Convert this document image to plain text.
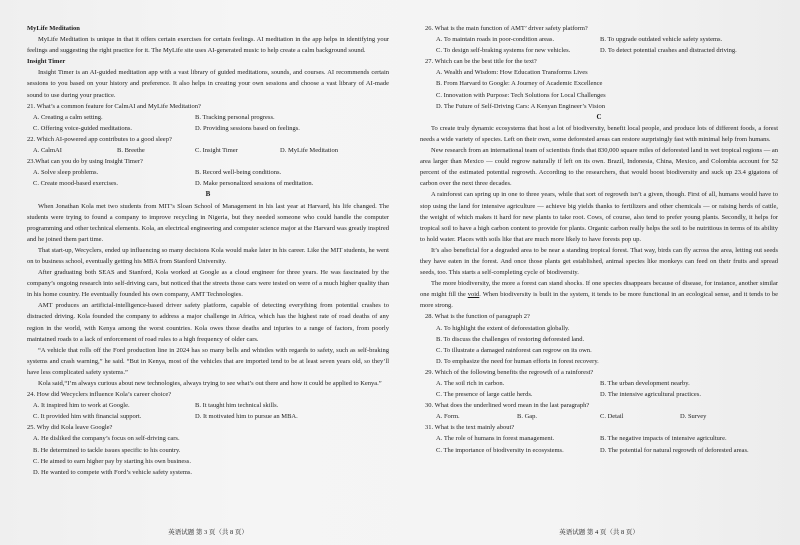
MyLife Meditation

MyLife Meditation is unique in that it offers certain exercises for certain feelings. AI meditation in the app helps in identifying your feelings and suggesting the right practice for it. The MyLife site uses AI-generated music to help create a calm background sound.

Insight Timer

Insight Timer is an AI-guided meditation app with a vast library of guided meditations, sounds, and courses. AI recommends certain sessions to you based on your history and preference. It also helps in creating your own sessions and choose a vast library of AI-made sound to use during your practice.

21. What’s a common feature for CalmAI and MyLife Meditation?

A. Creating a calm setting.	B. Tracking personal progress.
C. Offering voice-guided meditations.	D. Providing sessions based on feelings.

22. Which AI-powered app contributes to a good sleep?

A. CalmAI	B. Breethe	C. Insight Timer	D. MyLife Meditation

23.What can you do by using Insight Timer?

A. Solve sleep problems.	B. Record well-being conditions.
C. Create mood-based exercises.	D. Make personalized sessions of meditation.

B

When Jonathan Kola met two students from MIT’s Sloan School of Management in his last year at Harvard, his life changed. The students were trying to found a company to improve recycling in Nigeria, but they needed someone who could handle the computer programming and other technical elements. Kola, an electrical engineering and computer science major at the Harvard was greatly inspired and he joined them part time.

That start-up, Wecyclers, ended up influencing so many decisions Kola would make later in his career. Like the MIT students, he went on to business school, eventually getting his MBA from Stanford University.

After graduating both SEAS and Stanford, Kola worked at Google as a cloud engineer for three years. He was fascinated by the company’s ongoing research into self-driving cars, but noticed that the streets those cars were tested on were of a much higher quality than in his home country. He eventually founded his own company, AMT Technologies.

AMT produces an artificial-intelligence-based driver safety platform, capable of detecting everything from potential crashes to distracted driving. Kola founded the company to address a major challenge in Africa, which has the highest rate of road deaths of any region in the world, with Kenya among the worst countries. Kola owes those deaths and injuries to a range of factors, from poorly maintained roads to a lack of enforcement of road rules to a high frequency of older cars.

“A vehicle that rolls off the Ford production line in 2024 has so many bells and whistles with regards to safety, such as self-braking systems and crash warning,” he said. “But in Kenya, most of the vehicles that are imported tend to be at least seven years old, so they’ll have less complicated safety systems.”

Kola said,“I’m always curious about new technologies, always trying to see what’s out there and how it could be applied to Kenya.”

24. How did Wecyclers influence Kola’s career choice?

A. It inspired him to work at Google.	B. It taught him technical skills.
C. It provided him with financial support.	D. It motivated him to pursue an MBA.

25. Why did Kola leave Google?

A. He disliked the company’s focus on self-driving cars.
B. He determined to tackle issues specific to his country.
C. He aimed to earn higher pay by starting his own business.
D. He wanted to compete with Ford’s vehicle safety systems.
英语试题 第 3 页（共 8 页）

26. What is the main function of AMT’ driver safety platform?

A. To maintain roads in poor-condition areas.	B. To upgrade outdated vehicle safety systems.
C. To design self-braking systems for new vehicles.	D. To detect potential crashes and distracted driving.

27. Which can be the best title for the text?

A. Wealth and Wisdom: How Education Transforms Lives
B. From Harvard to Google: A Journey of Academic Excellence
C. Innovation with Purpose: Tech Solutions for Local Challenges
D. The Future of Self-Driving Cars: A Kenyan Engineer’s Vision

C

To create truly dynamic ecosystems that host a lot of biodiversity, benefit local people, and produce lots of different foods, a forest needs a wide variety of species. Left on their own, some deforested areas can restore surprisingly fast with minimal help from humans.

New research from an international team of scientists finds that 830,000 square miles of deforested land in wet tropical regions — an area larger than Mexico — could regrow naturally if left on its own. Brazil, Indonesia, China, Mexico, and Colombia account for 52 percent of the estimated potential regrowth. According to the researchers, that would boost biodiversity and suck up 23.4 gigatons of carbon over the next three decades.

A rainforest can spring up in one to three years, while that sort of regrowth isn’t a given, though. First of all, humans would have to stop using the land for intensive agriculture — achieve big yields thanks to fertilizers and other chemicals — or raising herds of cattle, the weight of which makes it hard for new plants to take root. Cows, of course, also tend to prefer young plants. Secondly, it helps for tropical soil to have a high carbon content to provide for plants. Organic carbon really helps the soil to be nutritious in terms of its ability to hold water. Places with soils like that are much more likely to have forests pop up.

It’s also beneficial for a degraded area to be near a standing tropical forest. That way, birds can fly across the area, letting out seeds they have eaten in the forest. And once those plants get established, animal species like monkeys can feed on their fruits and spread seeds, too. This starts a self-completing cycle of biodiversity.

The more biodiversity, the more a forest can stand shocks. If one species disappears because of disease, for instance, another similar one might fill the void. When biodiversity is built in the system, it tends to be more functional in an ecological sense, and it tends to be more strong.

28. What is the function of paragraph 2?

A. To highlight the extent of deforestation globally.
B. To discuss the challenges of restoring deforested land.
C. To illustrate a damaged rainforest can regrow on its own.
D. To emphasize the need for human efforts in forest recovery.

29. Which of the following benefits the regrowth of a rainforest?

A. The soil rich in carbon.	B. The urban development nearby.
C. The presence of large cattle herds.	D. The intensive agricultural practices.

30. What does the underlined word mean in the last paragraph?

A. Form.	B. Gap.	C. Detail	D. Survey

31. What is the text mainly about?

A. The role of humans in forest management.	B. The negative impacts of intensive agriculture.
C. The importance of biodiversity in ecosystems.	D. The potential for natural regrowth of deforested areas.
英语试题 第 4 页（共 8 页）
